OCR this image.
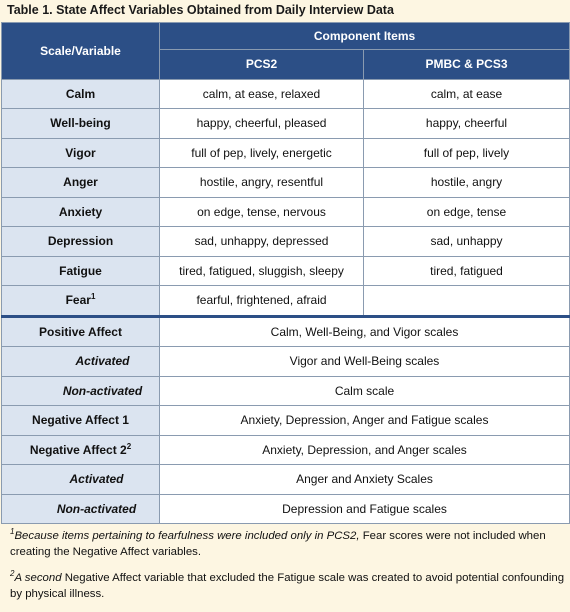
Table 1. State Affect Variables Obtained from Daily Interview Data
Scale/Variable	Component Items	
	PCS2	PMBC & PCS3
Calm	calm, at ease, relaxed	calm, at ease
Well-being	happy, cheerful, pleased	happy, cheerful
Vigor	full of pep, lively, energetic	full of pep, lively
Anger	hostile, angry, resentful	hostile, angry
Anxiety	on edge, tense, nervous	on edge, tense
Depression	sad, unhappy, depressed	sad, unhappy
Fatigue	tired, fatigued, sluggish, sleepy	tired, fatigued
Fear$^1$	fearful, frightened, afraid	
Positive Affect	Calm, Well-Being, and Vigor scales	
Activated	Vigor and Well-Being scales	
Non-activated	Calm scale	
Negative Affect 1	Anxiety, Depression, Anger and Fatigue scales	
Negative Affect $2^2$	Anxiety, Depression, and Anger scales	
Activated	Anger and Anxiety Scales	
Non-activated	Depression and Fatigue scales	
$^1$Because items pertaining to fearfulness were included only in PCS2, Fear scores were not included when creating the Negative Affect variables.
$^2$A second Negative Affect variable that excluded the Fatigue scale was created to avoid potential confounding by physical illness.
